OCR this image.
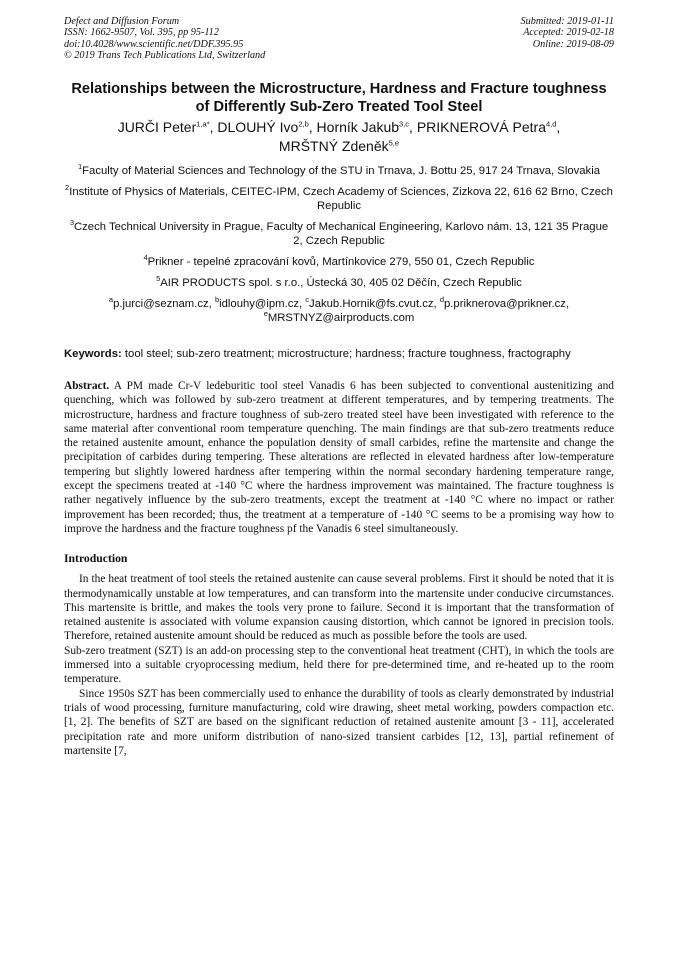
Defect and Diffusion Forum
ISSN: 1662-9507, Vol. 395, pp 95-112
doi:10.4028/www.scientific.net/DDF.395.95
© 2019 Trans Tech Publications Ltd, Switzerland
Submitted: 2019-01-11
Accepted: 2019-02-18
Online: 2019-08-09
Relationships between the Microstructure, Hardness and Fracture toughness of Differently Sub-Zero Treated Tool Steel
JURČI Peter$^{1,a*}$, DLOUHÝ Ivo$^{2,b}$, Horník Jakub$^{3,c}$, PRIKNEROVÁ Petra$^{4,d}$,
MRŠTNÝ Zdeněk$^{5,e}$
$^1$Faculty of Material Sciences and Technology of the STU in Trnava, J. Bottu 25, 917 24 Trnava, Slovakia
$^2$Institute of Physics of Materials, CEITEC-IPM, Czech Academy of Sciences, Zizkova 22, 616 62 Brno, Czech Republic
$^3$Czech Technical University in Prague, Faculty of Mechanical Engineering, Karlovo nám. 13, 121 35 Prague 2, Czech Republic
$^4$Prikner - tepelné zpracování kovů, Martínkovice 279, 550 01, Czech Republic
$^5$AIR PRODUCTS spol. s r.o., Ústecká 30, 405 02 Děčín, Czech Republic
$^a$p.jurci@seznam.cz, $^b$idlouhy@ipm.cz, $^c$Jakub.Hornik@fs.cvut.cz, $^d$p.priknerova@prikner.cz,
$^e$MRSTNYZ@airproducts.com
Keywords: tool steel; sub-zero treatment; microstructure; hardness; fracture toughness, fractography
Abstract. A PM made Cr-V ledeburitic tool steel Vanadis 6 has been subjected to conventional austenitizing and quenching, which was followed by sub-zero treatment at different temperatures, and by tempering treatments. The microstructure, hardness and fracture toughness of sub-zero treated steel have been investigated with reference to the same material after conventional room temperature quenching. The main findings are that sub-zero treatments reduce the retained austenite amount, enhance the population density of small carbides, refine the martensite and change the precipitation of carbides during tempering. These alterations are reflected in elevated hardness after low-temperature tempering but slightly lowered hardness after tempering within the normal secondary hardening temperature range, except the specimens treated at -140 °C where the hardness improvement was maintained. The fracture toughness is rather negatively influence by the sub-zero treatments, except the treatment at -140 °C where no impact or rather improvement has been recorded; thus, the treatment at a temperature of -140 °C seems to be a promising way how to improve the hardness and the fracture toughness pf the Vanadis 6 steel simultaneously.
Introduction

In the heat treatment of tool steels the retained austenite can cause several problems. First it should be noted that it is thermodynamically unstable at low temperatures, and can transform into the martensite under conducive circumstances. This martensite is brittle, and makes the tools very prone to failure. Second it is important that the transformation of retained austenite is associated with volume expansion causing distortion, which cannot be ignored in precision tools. Therefore, retained austenite amount should be reduced as much as possible before the tools are used.

Sub-zero treatment (SZT) is an add-on processing step to the conventional heat treatment (CHT), in which the tools are immersed into a suitable cryoprocessing medium, held there for pre-determined time, and re-heated up to the room temperature.

Since 1950s SZT has been commercially used to enhance the durability of tools as clearly demonstrated by industrial trials of wood processing, furniture manufacturing, cold wire drawing, sheet metal working, powders compaction etc. [1, 2]. The benefits of SZT are based on the significant reduction of retained austenite amount [3 - 11], accelerated precipitation rate and more uniform distribution of nano-sized transient carbides [12, 13], partial refinement of martensite [7,
